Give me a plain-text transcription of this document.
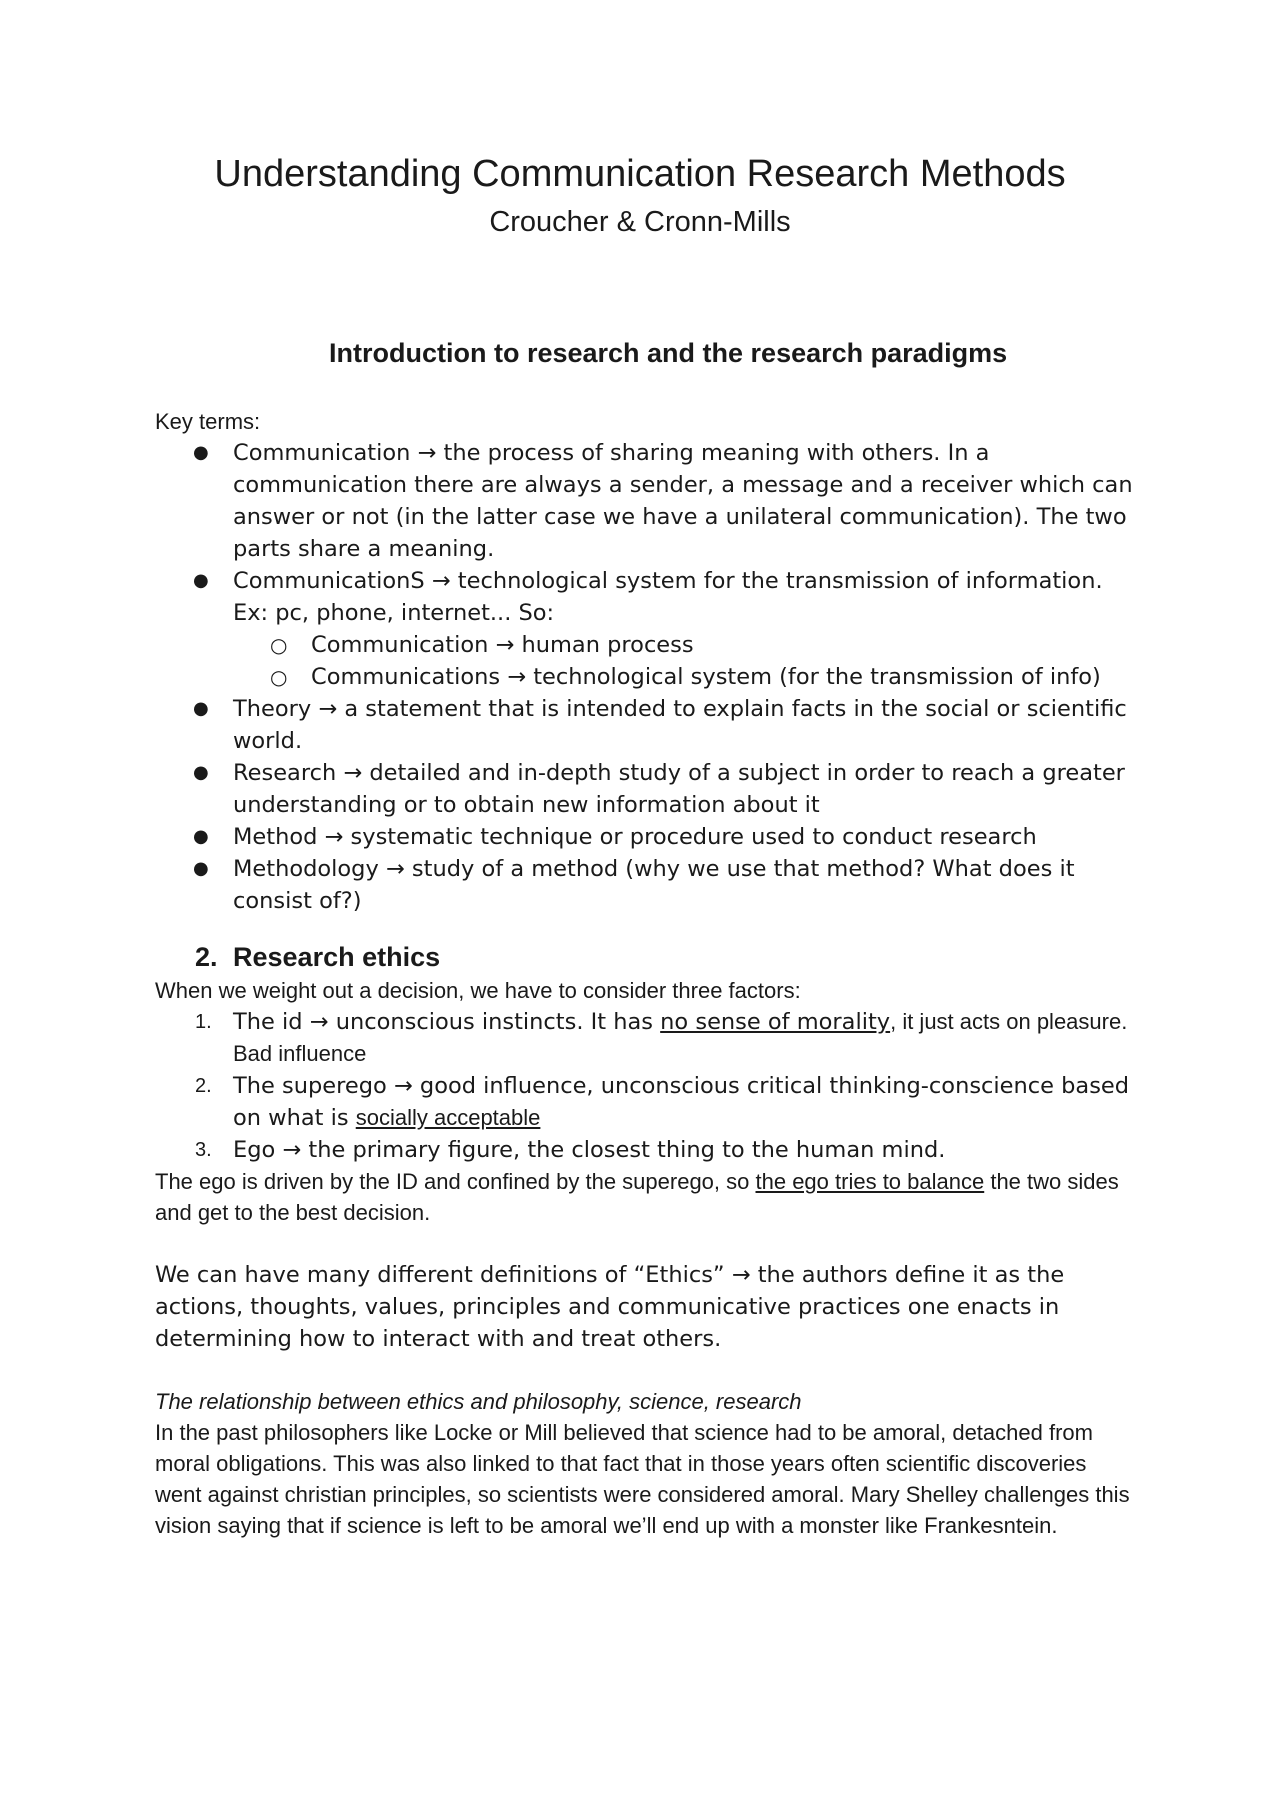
Understanding Communication Research Methods
Croucher & Cronn-Mills
Introduction to research and the research paradigms

Key terms:

● Communication → the process of sharing meaning with others. In a communication there are always a sender, a message and a receiver which can answer or not (in the latter case we have a unilateral communication). The two parts share a meaning.
● CommunicationS → technological system for the transmission of information. Ex: pc, phone, internet... So:
○ Communication → human process
○ Communications → technological system (for the transmission of info)
● Theory → a statement that is intended to explain facts in the social or scientific world.
● Research → detailed and in-depth study of a subject in order to reach a greater understanding or to obtain new information about it
● Method → systematic technique or procedure used to conduct research
● Methodology → study of a method (why we use that method? What does it consist of?)
2. Research ethics

When we weight out a decision, we have to consider three factors:

1. The id → unconscious instincts. It has no sense of morality, it just acts on pleasure. Bad influence
2. The superego → good influence, unconscious critical thinking-conscience based on what is socially acceptable
3. Ego → the primary figure, the closest thing to the human mind.

The ego is driven by the ID and confined by the superego, so the ego tries to balance the two sides and get to the best decision.

We can have many different definitions of “Ethics” → the authors define it as the actions, thoughts, values, principles and communicative practices one enacts in determining how to interact with and treat others.

The relationship between ethics and philosophy, science, research

In the past philosophers like Locke or Mill believed that science had to be amoral, detached from moral obligations. This was also linked to that fact that in those years often scientific discoveries went against christian principles, so scientists were considered amoral. Mary Shelley challenges this vision saying that if science is left to be amoral we’ll end up with a monster like Frankesntein.
